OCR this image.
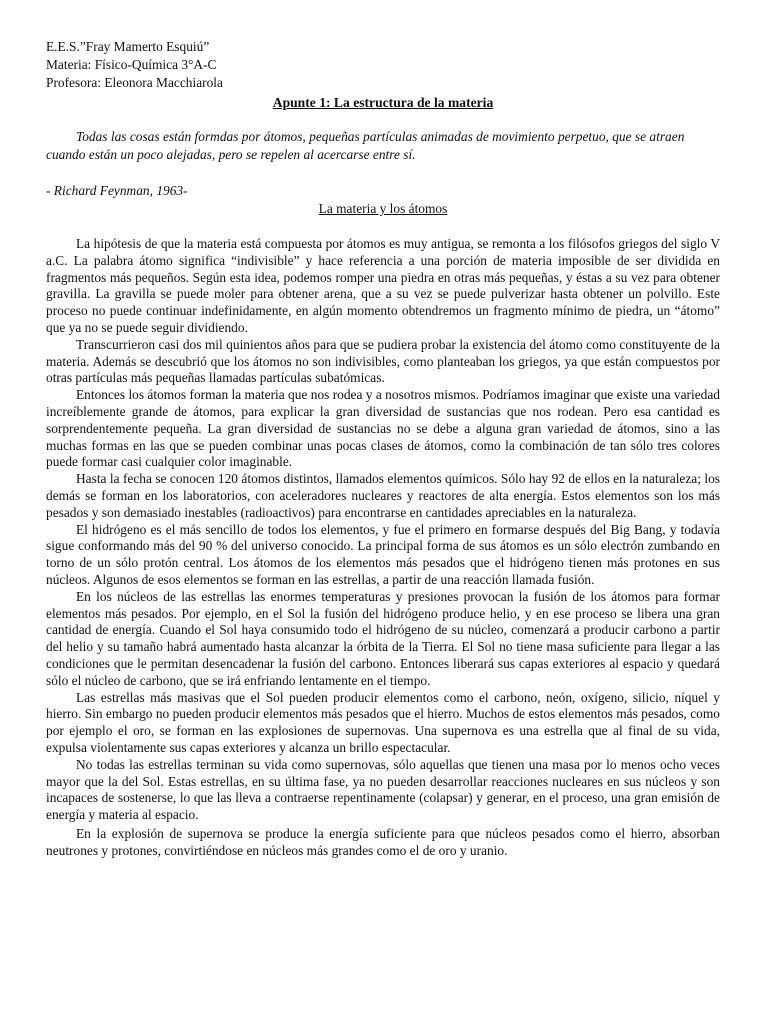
E.E.S.”Fray Mamerto Esquiú”
Materia: Físico-Química 3°A-C
Profesora: Eleonora Macchiarola
Apunte 1: La estructura de la materia
Todas las cosas están formdas por átomos, pequeñas partículas animadas de movimiento perpetuo, que se atraen cuando están un poco alejadas, pero se repelen al acercarse entre sí.
- Richard Feynman, 1963-
La materia y los átomos

La hipótesis de que la materia está compuesta por átomos es muy antigua, se remonta a los filósofos griegos del siglo V a.C. La palabra átomo significa “indivisible” y hace referencia a una porción de materia imposible de ser dividida en fragmentos más pequeños. Según esta idea, podemos romper una piedra en otras más pequeñas, y éstas a su vez para obtener gravilla. La gravilla se puede moler para obtener arena, que a su vez se puede pulverizar hasta obtener un polvillo. Este proceso no puede continuar indefinidamente, en algún momento obtendremos un fragmento mínimo de piedra, un “átomo” que ya no se puede seguir dividiendo.

Transcurrieron casi dos mil quinientos años para que se pudiera probar la existencia del átomo como constituyente de la materia. Además se descubrió que los átomos no son indivisibles, como planteaban los griegos, ya que están compuestos por otras partículas más pequeñas llamadas partículas subatómicas.

Entonces los átomos forman la materia que nos rodea y a nosotros mismos. Podríamos imaginar que existe una variedad increíblemente grande de átomos, para explicar la gran diversidad de sustancias que nos rodean. Pero esa cantidad es sorprendentemente pequeña. La gran diversidad de sustancias no se debe a alguna gran variedad de átomos, sino a las muchas formas en las que se pueden combinar unas pocas clases de átomos, como la combinación de tan sólo tres colores puede formar casi cualquier color imaginable.

Hasta la fecha se conocen 120 átomos distintos, llamados elementos químicos. Sólo hay 92 de ellos en la naturaleza; los demás se forman en los laboratorios, con aceleradores nucleares y reactores de alta energía. Estos elementos son los más pesados y son demasiado inestables (radioactivos) para encontrarse en cantidades apreciables en la naturaleza.

El hidrógeno es el más sencillo de todos los elementos, y fue el primero en formarse después del Big Bang, y todavía sigue conformando más del 90 % del universo conocido. La principal forma de sus átomos es un sólo electrón zumbando en torno de un sólo protón central. Los átomos de los elementos más pesados que el hidrógeno tienen más protones en sus núcleos. Algunos de esos elementos se forman en las estrellas, a partir de una reacción llamada fusión.

En los núcleos de las estrellas las enormes temperaturas y presiones provocan la fusión de los átomos para formar elementos más pesados. Por ejemplo, en el Sol la fusión del hidrógeno produce helio, y en ese proceso se libera una gran cantidad de energía. Cuando el Sol haya consumido todo el hidrógeno de su núcleo, comenzará a producir carbono a partir del helio y su tamaño habrá aumentado hasta alcanzar la órbita de la Tierra. El Sol no tiene masa suficiente para llegar a las condiciones que le permitan desencadenar la fusión del carbono. Entonces liberará sus capas exteriores al espacio y quedará sólo el núcleo de carbono, que se irá enfriando lentamente en el tiempo.

Las estrellas más masivas que el Sol pueden producir elementos como el carbono, neón, oxígeno, silicio, níquel y hierro. Sin embargo no pueden producir elementos más pesados que el hierro. Muchos de estos elementos más pesados, como por ejemplo el oro, se forman en las explosiones de supernovas. Una supernova es una estrella que al final de su vida, expulsa violentamente sus capas exteriores y alcanza un brillo espectacular.

No todas las estrellas terminan su vida como supernovas, sólo aquellas que tienen una masa por lo menos ocho veces mayor que la del Sol. Estas estrellas, en su última fase, ya no pueden desarrollar reacciones nucleares en sus núcleos y son incapaces de sostenerse, lo que las lleva a contraerse repentinamente (colapsar) y generar, en el proceso, una gran emisión de energía y materia al espacio.

En la explosión de supernova se produce la energía suficiente para que núcleos pesados como el hierro, absorban neutrones y protones, convirtiéndose en núcleos más grandes como el de oro y uranio.
